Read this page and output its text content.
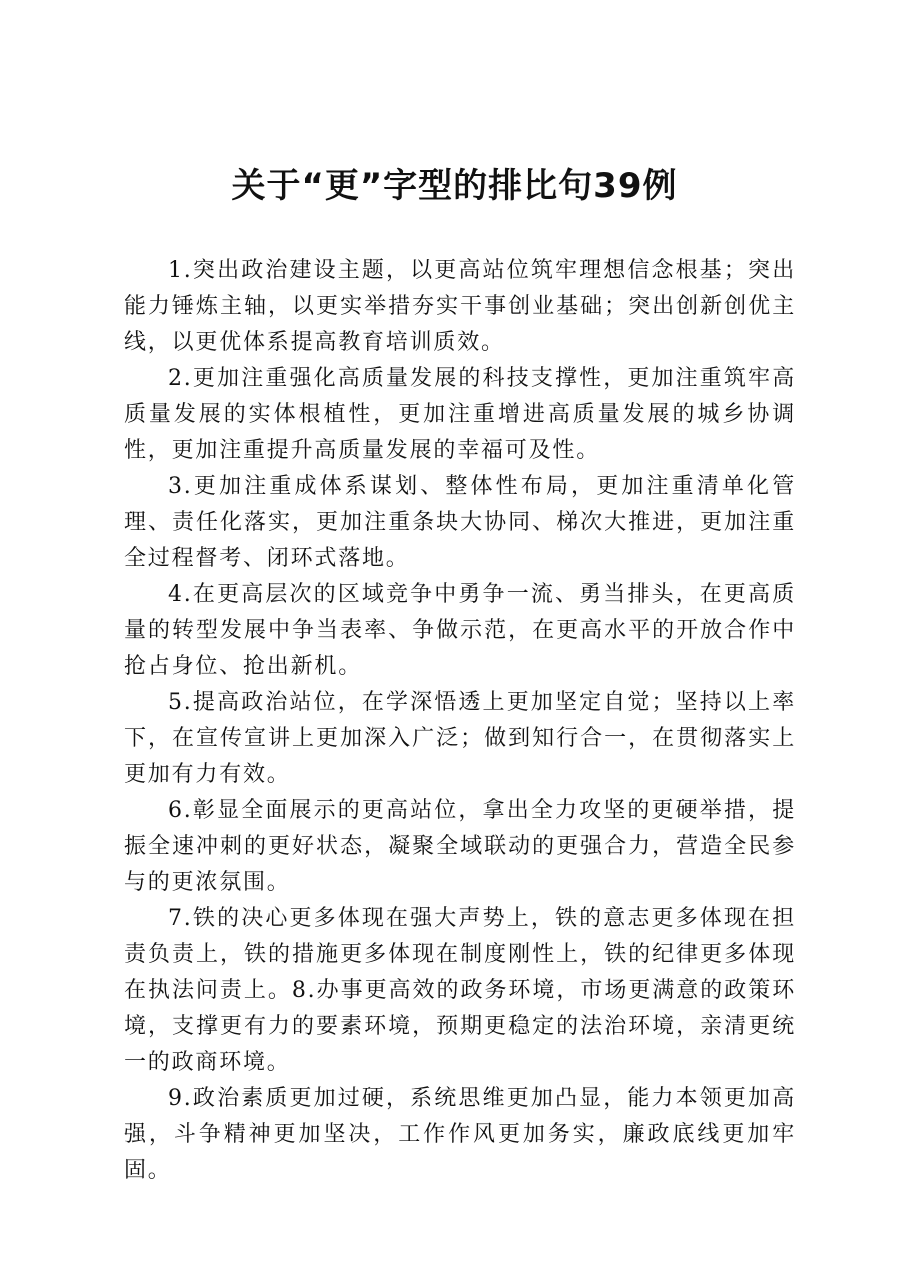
关于“更”字型的排比句39例

1.突出政治建设主题，以更高站位筑牢理想信念根基；突出能力锤炼主轴，以更实举措夯实干事创业基础；突出创新创优主线，以更优体系提高教育培训质效。

2.更加注重强化高质量发展的科技支撑性，更加注重筑牢高质量发展的实体根植性，更加注重增进高质量发展的城乡协调性，更加注重提升高质量发展的幸福可及性。

3.更加注重成体系谋划、整体性布局，更加注重清单化管理、责任化落实，更加注重条块大协同、梯次大推进，更加注重全过程督考、闭环式落地。

4.在更高层次的区域竞争中勇争一流、勇当排头，在更高质量的转型发展中争当表率、争做示范，在更高水平的开放合作中抢占身位、抢出新机。

5.提高政治站位，在学深悟透上更加坚定自觉；坚持以上率下，在宣传宣讲上更加深入广泛；做到知行合一，在贯彻落实上更加有力有效。

6.彰显全面展示的更高站位，拿出全力攻坚的更硬举措，提振全速冲刺的更好状态，凝聚全域联动的更强合力，营造全民参与的更浓氛围。

7.铁的决心更多体现在强大声势上，铁的意志更多体现在担责负责上，铁的措施更多体现在制度刚性上，铁的纪律更多体现在执法问责上。8.办事更高效的政务环境，市场更满意的政策环境，支撑更有力的要素环境，预期更稳定的法治环境，亲清更统一的政商环境。

9.政治素质更加过硬，系统思维更加凸显，能力本领更加高强，斗争精神更加坚决，工作作风更加务实，廉政底线更加牢固。
